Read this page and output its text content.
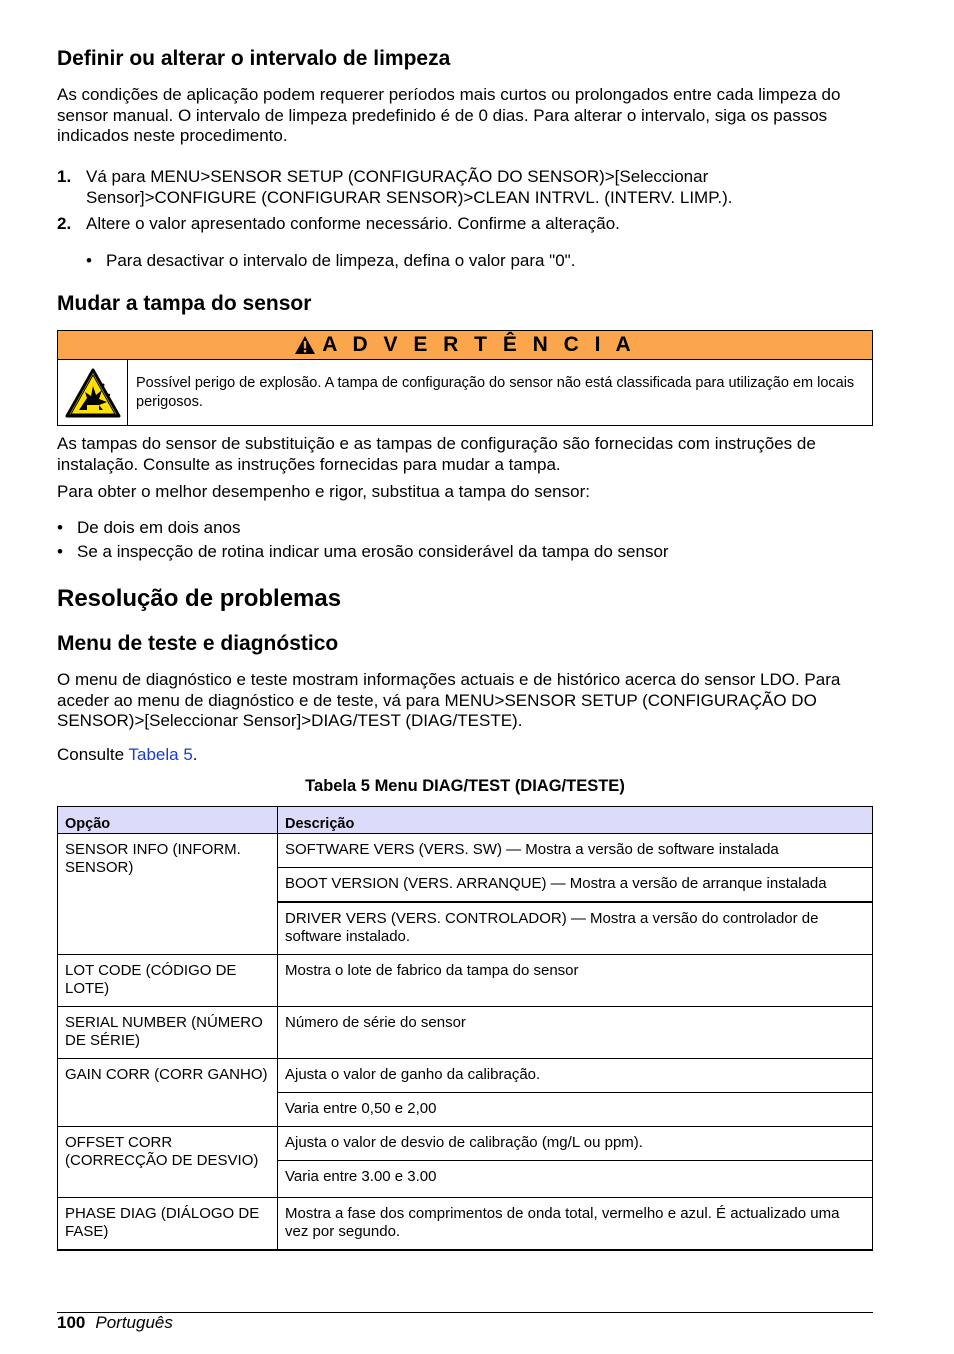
Definir ou alterar o intervalo de limpeza
As condições de aplicação podem requerer períodos mais curtos ou prolongados entre cada limpeza do sensor manual. O intervalo de limpeza predefinido é de 0 dias. Para alterar o intervalo, siga os passos indicados neste procedimento.
1. Vá para MENU>SENSOR SETUP (CONFIGURAÇÃO DO SENSOR)>[Seleccionar Sensor]>CONFIGURE (CONFIGURAR SENSOR)>CLEAN INTRVL. (INTERV. LIMP.).
2. Altere o valor apresentado conforme necessário. Confirme a alteração.
• Para desactivar o intervalo de limpeza, defina o valor para "0".
Mudar a tampa do sensor
A D V E R T Ê N C I A
Possível perigo de explosão. A tampa de configuração do sensor não está classificada para utilização em locais perigosos.
As tampas do sensor de substituição e as tampas de configuração são fornecidas com instruções de instalação. Consulte as instruções fornecidas para mudar a tampa.
Para obter o melhor desempenho e rigor, substitua a tampa do sensor:
• De dois em dois anos
• Se a inspecção de rotina indicar uma erosão considerável da tampa do sensor
Resolução de problemas
Menu de teste e diagnóstico
O menu de diagnóstico e teste mostram informações actuais e de histórico acerca do sensor LDO. Para aceder ao menu de diagnóstico e de teste, vá para MENU>SENSOR SETUP (CONFIGURAÇÃO DO SENSOR)>[Seleccionar Sensor]>DIAG/TEST (DIAG/TESTE).
Consulte Tabela 5.
Tabela 5 Menu DIAG/TEST (DIAG/TESTE)
Opção	Descrição
SENSOR INFO (INFORM. SENSOR)	SOFTWARE VERS (VERS. SW) — Mostra a versão de software instalada
	BOOT VERSION (VERS. ARRANQUE) — Mostra a versão de arranque instalada
	DRIVER VERS (VERS. CONTROLADOR) — Mostra a versão do controlador de software instalado.
LOT CODE (CÓDIGO DE LOTE)	Mostra o lote de fabrico da tampa do sensor
SERIAL NUMBER (NÚMERO DE SÉRIE)	Número de série do sensor
GAIN CORR (CORR GANHO)	Ajusta o valor de ganho da calibração.
	Varia entre 0,50 e 2,00
OFFSET CORR (CORRECÇÃO DE DESVIO)	Ajusta o valor de desvio de calibração (mg/L ou ppm).
	Varia entre 3.00 e 3.00
PHASE DIAG (DIÁLOGO DE FASE)	Mostra a fase dos comprimentos de onda total, vermelho e azul. É actualizado uma vez por segundo.
100 Português
